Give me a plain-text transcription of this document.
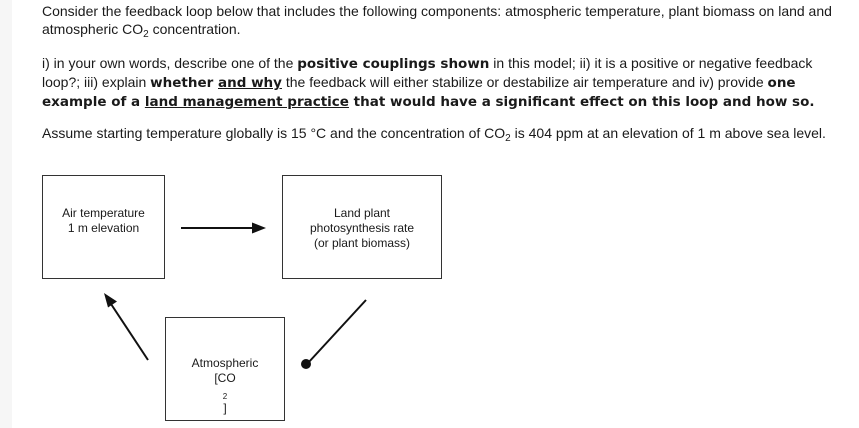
Consider the feedback loop below that includes the following components: atmospheric temperature, plant biomass on land and atmospheric $CO_2$ concentration.

i) in your own words, describe one of the positive couplings shown in this model; ii) it is a positive or negative feedback loop?; iii) explain whether and why the feedback will either stabilize or destabilize air temperature and iv) provide one example of a land management practice that would have a significant effect on this loop and how so.

Assume starting temperature globally is 15 °C and the concentration of $CO_2$ is 404 ppm at an elevation of 1 m above sea level.

Air temperature
1 m elevation
Land plant
photosynthesis rate
(or plant biomass)
Atmospheric
[CO
$_2$
]
